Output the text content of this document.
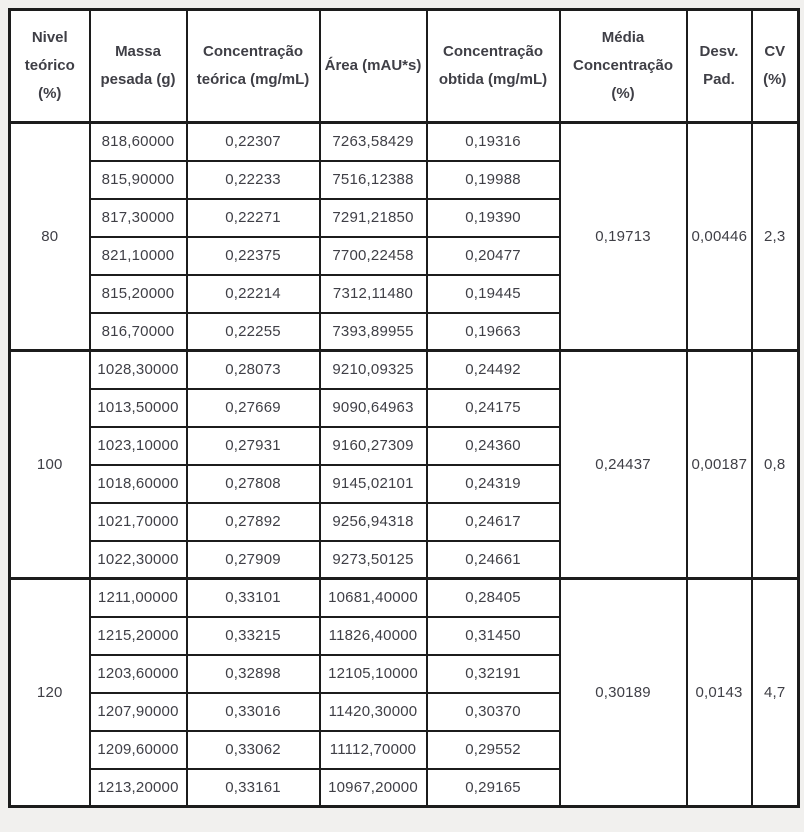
Nivel teórico (%)	Massa pesada (g)	Concentração teórica (mg/mL)	Área (mAU*s)	Concentração obtida (mg/mL)	Média Concentração (%)	Desv. Pad.	CV (%)
80	818,60000	0,22307	7263,58429	0,19316	0,19713	0,00446	2,3
	815,90000	0,22233	7516,12388	0,19988			
	817,30000	0,22271	7291,21850	0,19390			
	821,10000	0,22375	7700,22458	0,20477			
	815,20000	0,22214	7312,11480	0,19445			
	816,70000	0,22255	7393,89955	0,19663			
100	1028,30000	0,28073	9210,09325	0,24492	0,24437	0,00187	0,8
	1013,50000	0,27669	9090,64963	0,24175			
	1023,10000	0,27931	9160,27309	0,24360			
	1018,60000	0,27808	9145,02101	0,24319			
	1021,70000	0,27892	9256,94318	0,24617			
	1022,30000	0,27909	9273,50125	0,24661			
120	1211,00000	0,33101	10681,40000	0,28405	0,30189	0,0143	4,7
	1215,20000	0,33215	11826,40000	0,31450			
	1203,60000	0,32898	12105,10000	0,32191			
	1207,90000	0,33016	11420,30000	0,30370			
	1209,60000	0,33062	11112,70000	0,29552			
	1213,20000	0,33161	10967,20000	0,29165			
